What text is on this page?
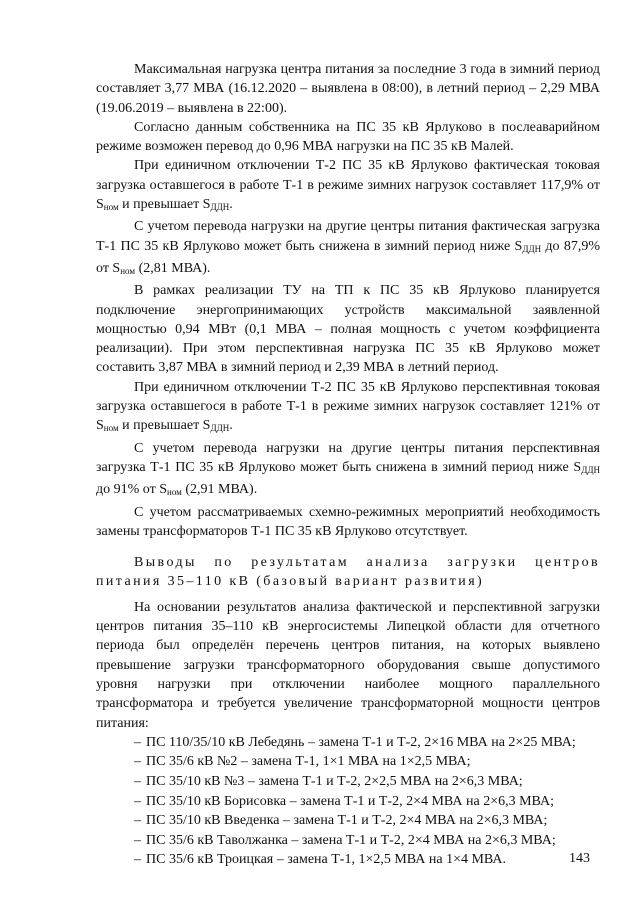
Максимальная нагрузка центра питания за последние 3 года в зимний период составляет 3,77 МВА (16.12.2020 – выявлена в 08:00), в летний период – 2,29 МВА (19.06.2019 – выявлена в 22:00).

Согласно данным собственника на ПС 35 кВ Ярлуково в послеаварийном режиме возможен перевод до 0,96 МВА нагрузки на ПС 35 кВ Малей.

При единичном отключении Т-2 ПС 35 кВ Ярлуково фактическая токовая загрузка оставшегося в работе Т-1 в режиме зимних нагрузок составляет 117,9% от Sном и превышает SДДН.

С учетом перевода нагрузки на другие центры питания фактическая загрузка Т-1 ПС 35 кВ Ярлуково может быть снижена в зимний период ниже SДДН до 87,9% от Sном (2,81 МВА).

В рамках реализации ТУ на ТП к ПС 35 кВ Ярлуково планируется подключение энергопринимающих устройств максимальной заявленной мощностью 0,94 МВт (0,1 МВА – полная мощность с учетом коэффициента реализации). При этом перспективная нагрузка ПС 35 кВ Ярлуково может составить 3,87 МВА в зимний период и 2,39 МВА в летний период.

При единичном отключении Т-2 ПС 35 кВ Ярлуково перспективная токовая загрузка оставшегося в работе Т-1 в режиме зимних нагрузок составляет 121% от Sном и превышает SДДН.

С учетом перевода нагрузки на другие центры питания перспективная загрузка Т-1 ПС 35 кВ Ярлуково может быть снижена в зимний период ниже SДДН до 91% от Sном (2,91 МВА).

С учетом рассматриваемых схемно-режимных мероприятий необходимость замены трансформаторов Т-1 ПС 35 кВ Ярлуково отсутствует.

Выводы по результатам анализа загрузки центров
питания 35–110 кВ (базовый вариант развития)

На основании результатов анализа фактической и перспективной загрузки центров питания 35–110 кВ энергосистемы Липецкой области для отчетного периода был определён перечень центров питания, на которых выявлено превышение загрузки трансформаторного оборудования свыше допустимого уровня нагрузки при отключении наиболее мощного параллельного трансформатора и требуется увеличение трансформаторной мощности центров питания:

– ПС 110/35/10 кВ Лебедянь – замена Т-1 и Т-2, 2×16 МВА на 2×25 МВА;
– ПС 35/6 кВ №2 – замена Т-1, 1×1 МВА на 1×2,5 МВА;
– ПС 35/10 кВ №3 – замена Т-1 и Т-2, 2×2,5 МВА на 2×6,3 МВА;
– ПС 35/10 кВ Борисовка – замена Т-1 и Т-2, 2×4 МВА на 2×6,3 МВА;
– ПС 35/10 кВ Введенка – замена Т-1 и Т-2, 2×4 МВА на 2×6,3 МВА;
– ПС 35/6 кВ Таволжанка – замена Т-1 и Т-2, 2×4 МВА на 2×6,3 МВА;
– ПС 35/6 кВ Троицкая – замена Т-1, 1×2,5 МВА на 1×4 МВА.	143
